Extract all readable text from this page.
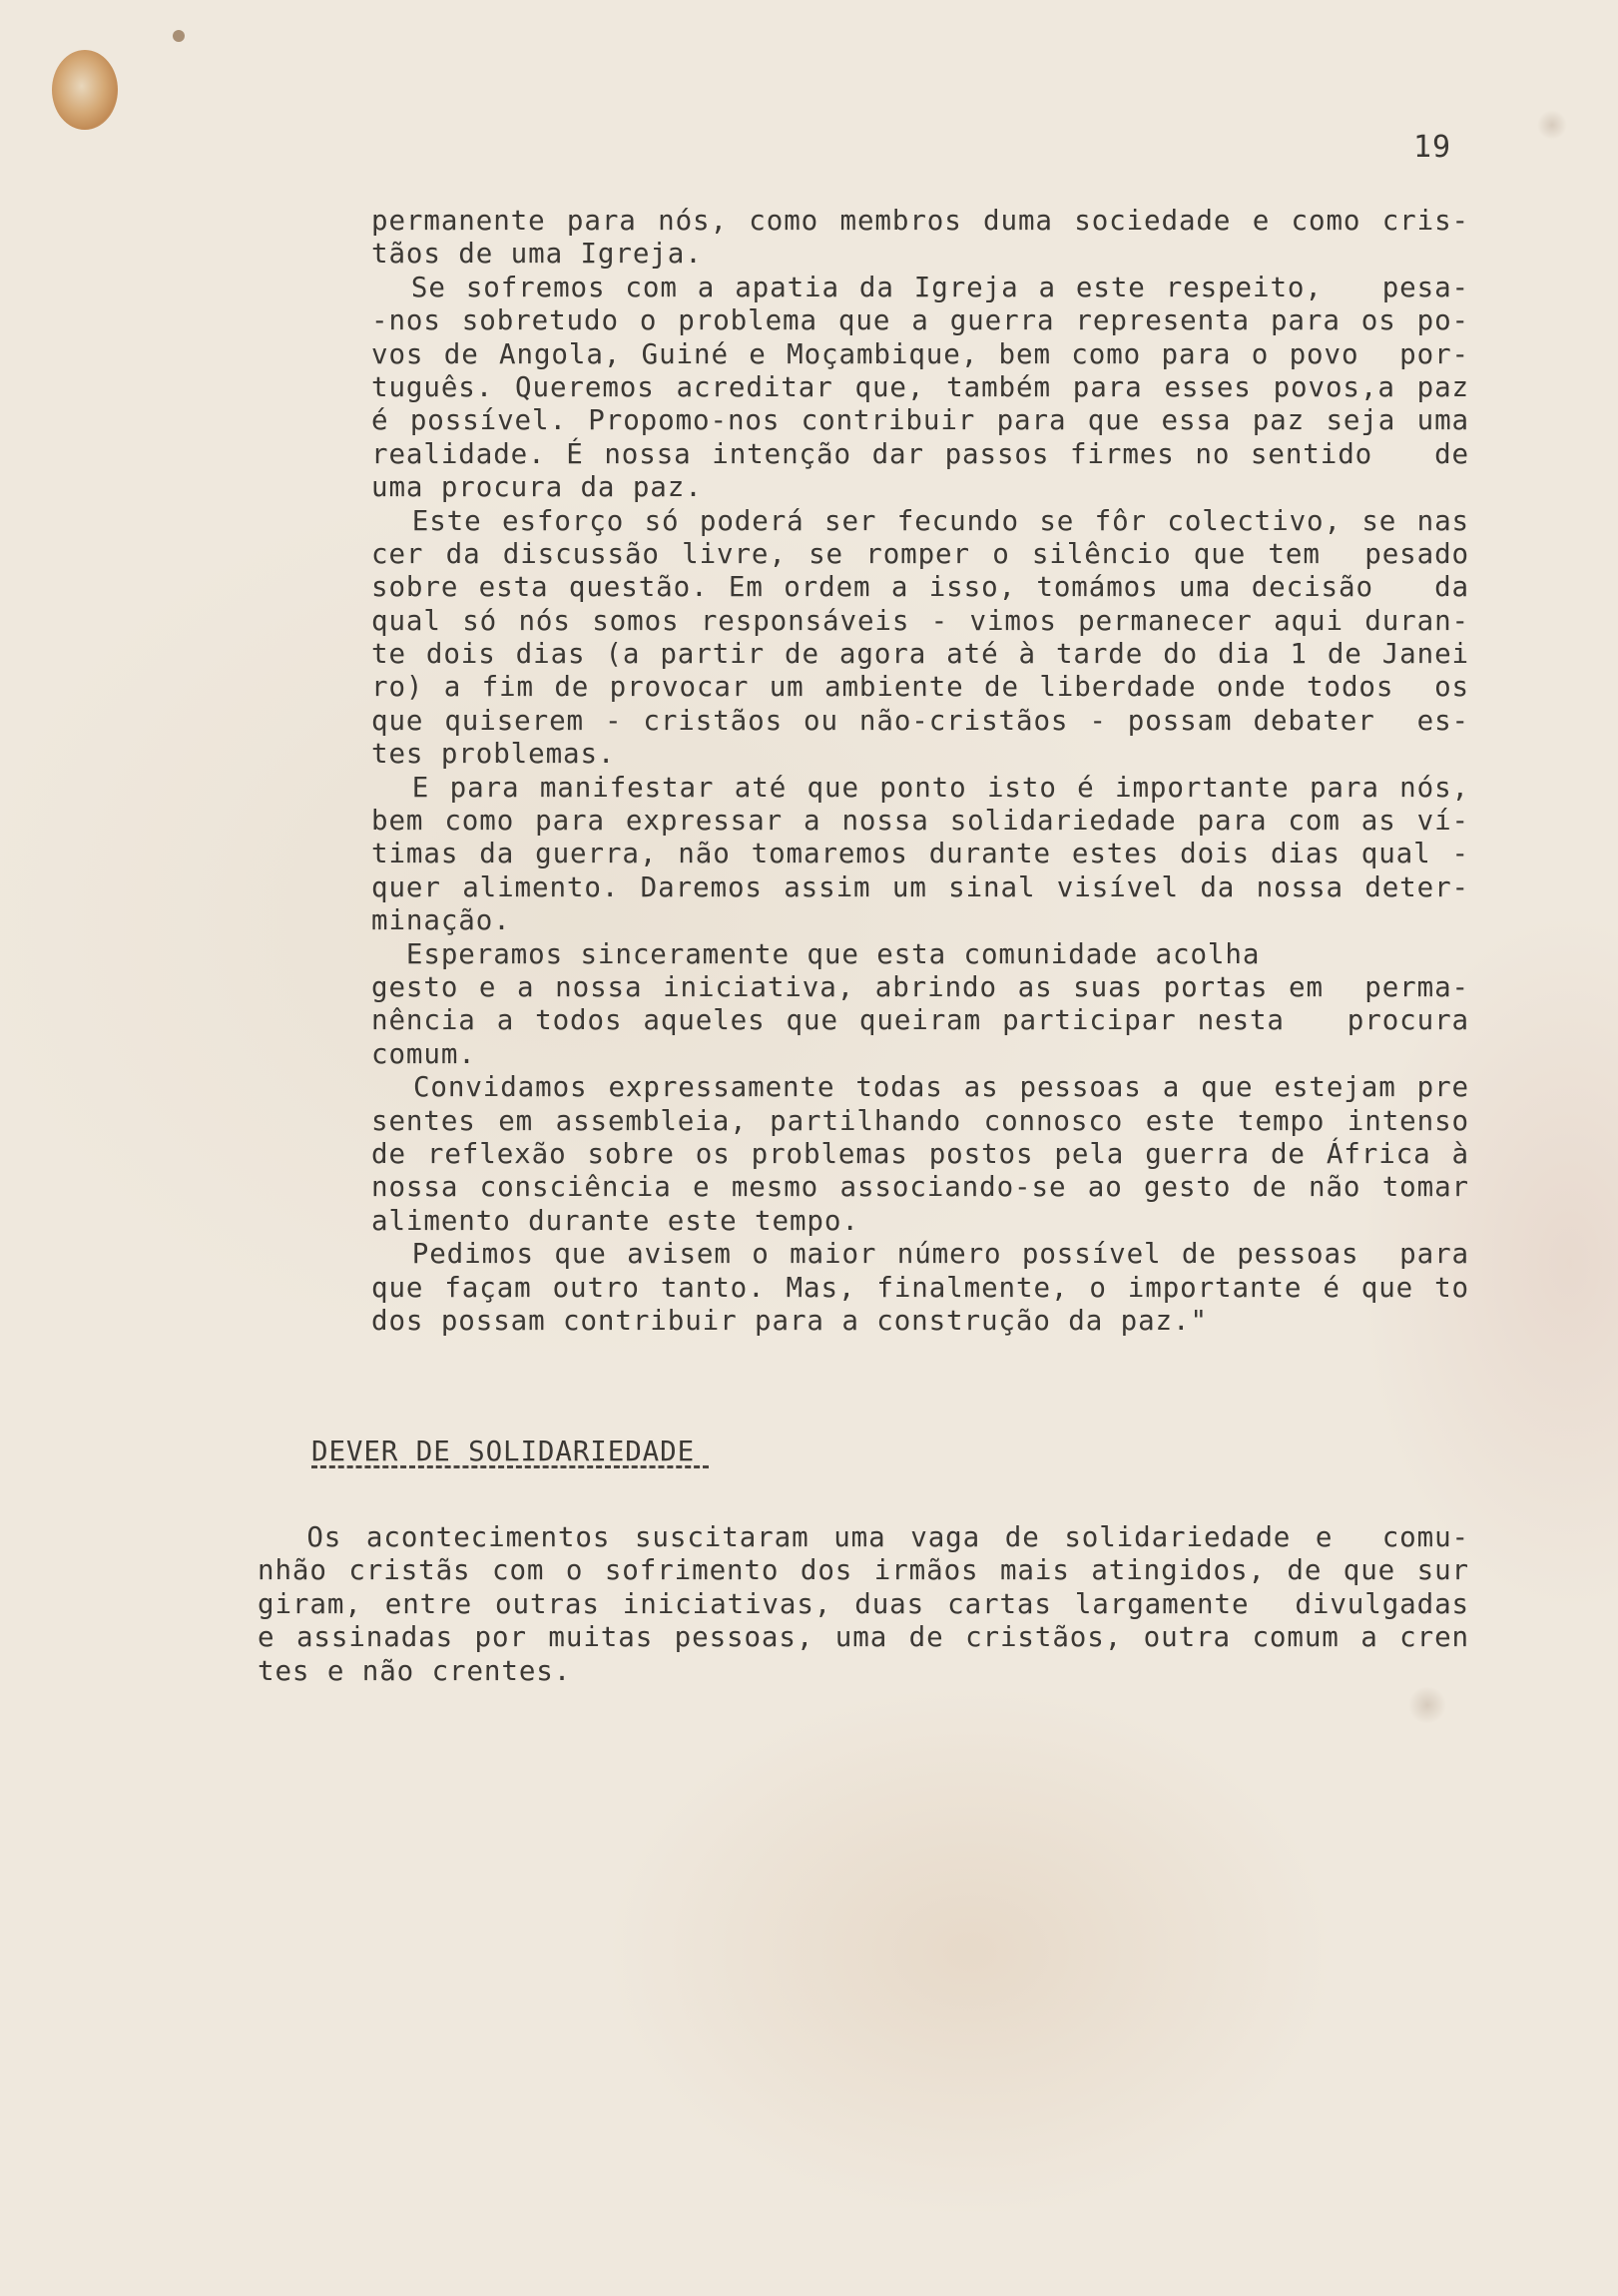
19
permanente para nós, como membros duma sociedade e como cris-
tãos de uma Igreja.
Se sofremos com a apatia da Igreja a este respeito,   pesa-
-nos sobretudo o problema que a guerra representa para os po-
vos de Angola, Guiné e Moçambique, bem como para o povo  por-
tuguês. Queremos acreditar que, também para esses povos,a paz
é possível. Propomo-nos contribuir para que essa paz seja uma
realidade. É nossa intenção dar passos firmes no sentido   de
uma procura da paz.
Este esforço só poderá ser fecundo se fôr colectivo, se nas
cer da discussão livre, se romper o silêncio que tem  pesado
sobre esta questão. Em ordem a isso, tomámos uma decisão   da
qual só nós somos responsáveis - vimos permanecer aqui duran-
te dois dias (a partir de agora até à tarde do dia 1 de Janei
ro) a fim de provocar um ambiente de liberdade onde todos  os
que quiserem - cristãos ou não-cristãos - possam debater  es-
tes problemas.
E para manifestar até que ponto isto é importante para nós,
bem como para expressar a nossa solidariedade para com as ví-
timas da guerra, não tomaremos durante estes dois dias qual -
quer alimento. Daremos assim um sinal visível da nossa deter-
minação.
Esperamos sinceramente que esta comunidade acolha
gesto e a nossa iniciativa, abrindo as suas portas em  perma-
nência a todos aqueles que queiram participar nesta   procura
comum.
Convidamos expressamente todas as pessoas a que estejam pre
sentes em assembleia, partilhando connosco este tempo intenso
de reflexão sobre os problemas postos pela guerra de África à
nossa consciência e mesmo associando-se ao gesto de não tomar
alimento durante este tempo.
Pedimos que avisem o maior número possível de pessoas  para
que façam outro tanto. Mas, finalmente, o importante é que to
dos possam contribuir para a construção da paz."
DEVER DE SOLIDARIEDADE
Os acontecimentos suscitaram uma vaga de solidariedade e  comu-
nhão cristãs com o sofrimento dos irmãos mais atingidos, de que sur
giram, entre outras iniciativas, duas cartas largamente  divulgadas
e assinadas por muitas pessoas, uma de cristãos, outra comum a cren
tes e não crentes.
